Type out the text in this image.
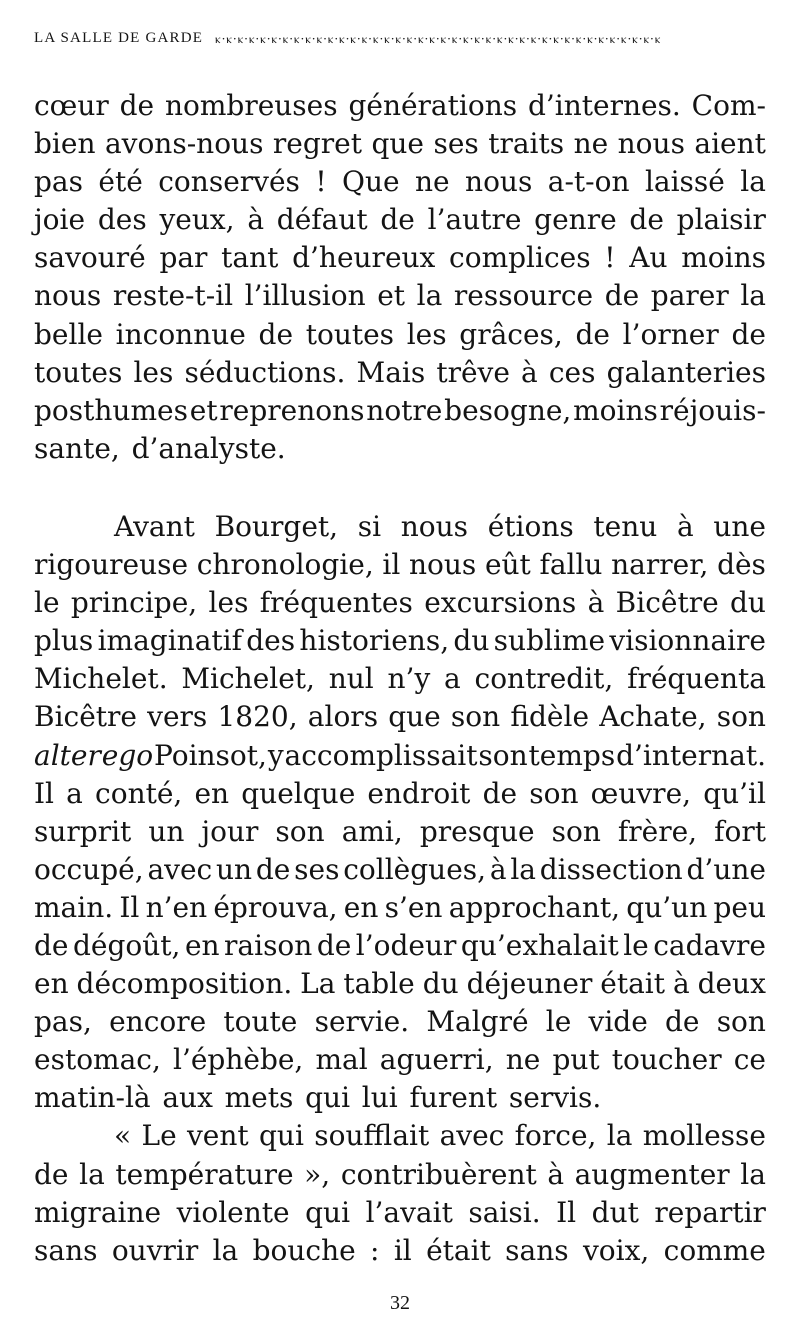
LA SALLE DE GARDE ⲕ·ⲕ·ⲕ·ⲕ·ⲕ·ⲕ·ⲕ·ⲕ·ⲕ·ⲕ·ⲕ·ⲕ·ⲕ·ⲕ·ⲕ·ⲕ·ⲕ·ⲕ·ⲕ·ⲕ·ⲕ·ⲕ·ⲕ·ⲕ·ⲕ·ⲕ·ⲕ·ⲕ·ⲕ·ⲕ·ⲕ·ⲕ·ⲕ·ⲕ·ⲕ·ⲕ·ⲕ·ⲕ·ⲕ·ⲕ
cœur de nombreuses générations d’internes. Com-
bien avons-nous regret que ses traits ne nous aient
pas été conservés ! Que ne nous a-t-on laissé la
joie des yeux, à défaut de l’autre genre de plaisir
savouré par tant d’heureux complices ! Au moins
nous reste-t-il l’illusion et la ressource de parer la
belle inconnue de toutes les grâces, de l’orner de
toutes les séductions. Mais trêve à ces galanteries
posthumes et reprenons notre besogne, moins réjouis-
sante, d’analyste.
Avant Bourget, si nous étions tenu à une
rigoureuse chronologie, il nous eût fallu narrer, dès
le principe, les fréquentes excursions à Bicêtre du
plus imaginatif des historiens, du sublime visionnaire
Michelet. Michelet, nul n’y a contredit, fréquenta
Bicêtre vers 1820, alors que son fidèle Achate, son
alter ego Poinsot, y accomplissait son temps d’internat.
Il a conté, en quelque endroit de son œuvre, qu’il
surprit un jour son ami, presque son frère, fort
occupé, avec un de ses collègues, à la dissection d’une
main. Il n’en éprouva, en s’en approchant, qu’un peu
de dégoût, en raison de l’odeur qu’exhalait le cadavre
en décomposition. La table du déjeuner était à deux
pas, encore toute servie. Malgré le vide de son
estomac, l’éphèbe, mal aguerri, ne put toucher ce
matin-là aux mets qui lui furent servis.
« Le vent qui soufflait avec force, la mollesse
de la température », contribuèrent à augmenter la
migraine violente qui l’avait saisi. Il dut repartir
sans ouvrir la bouche : il était sans voix, comme
32
